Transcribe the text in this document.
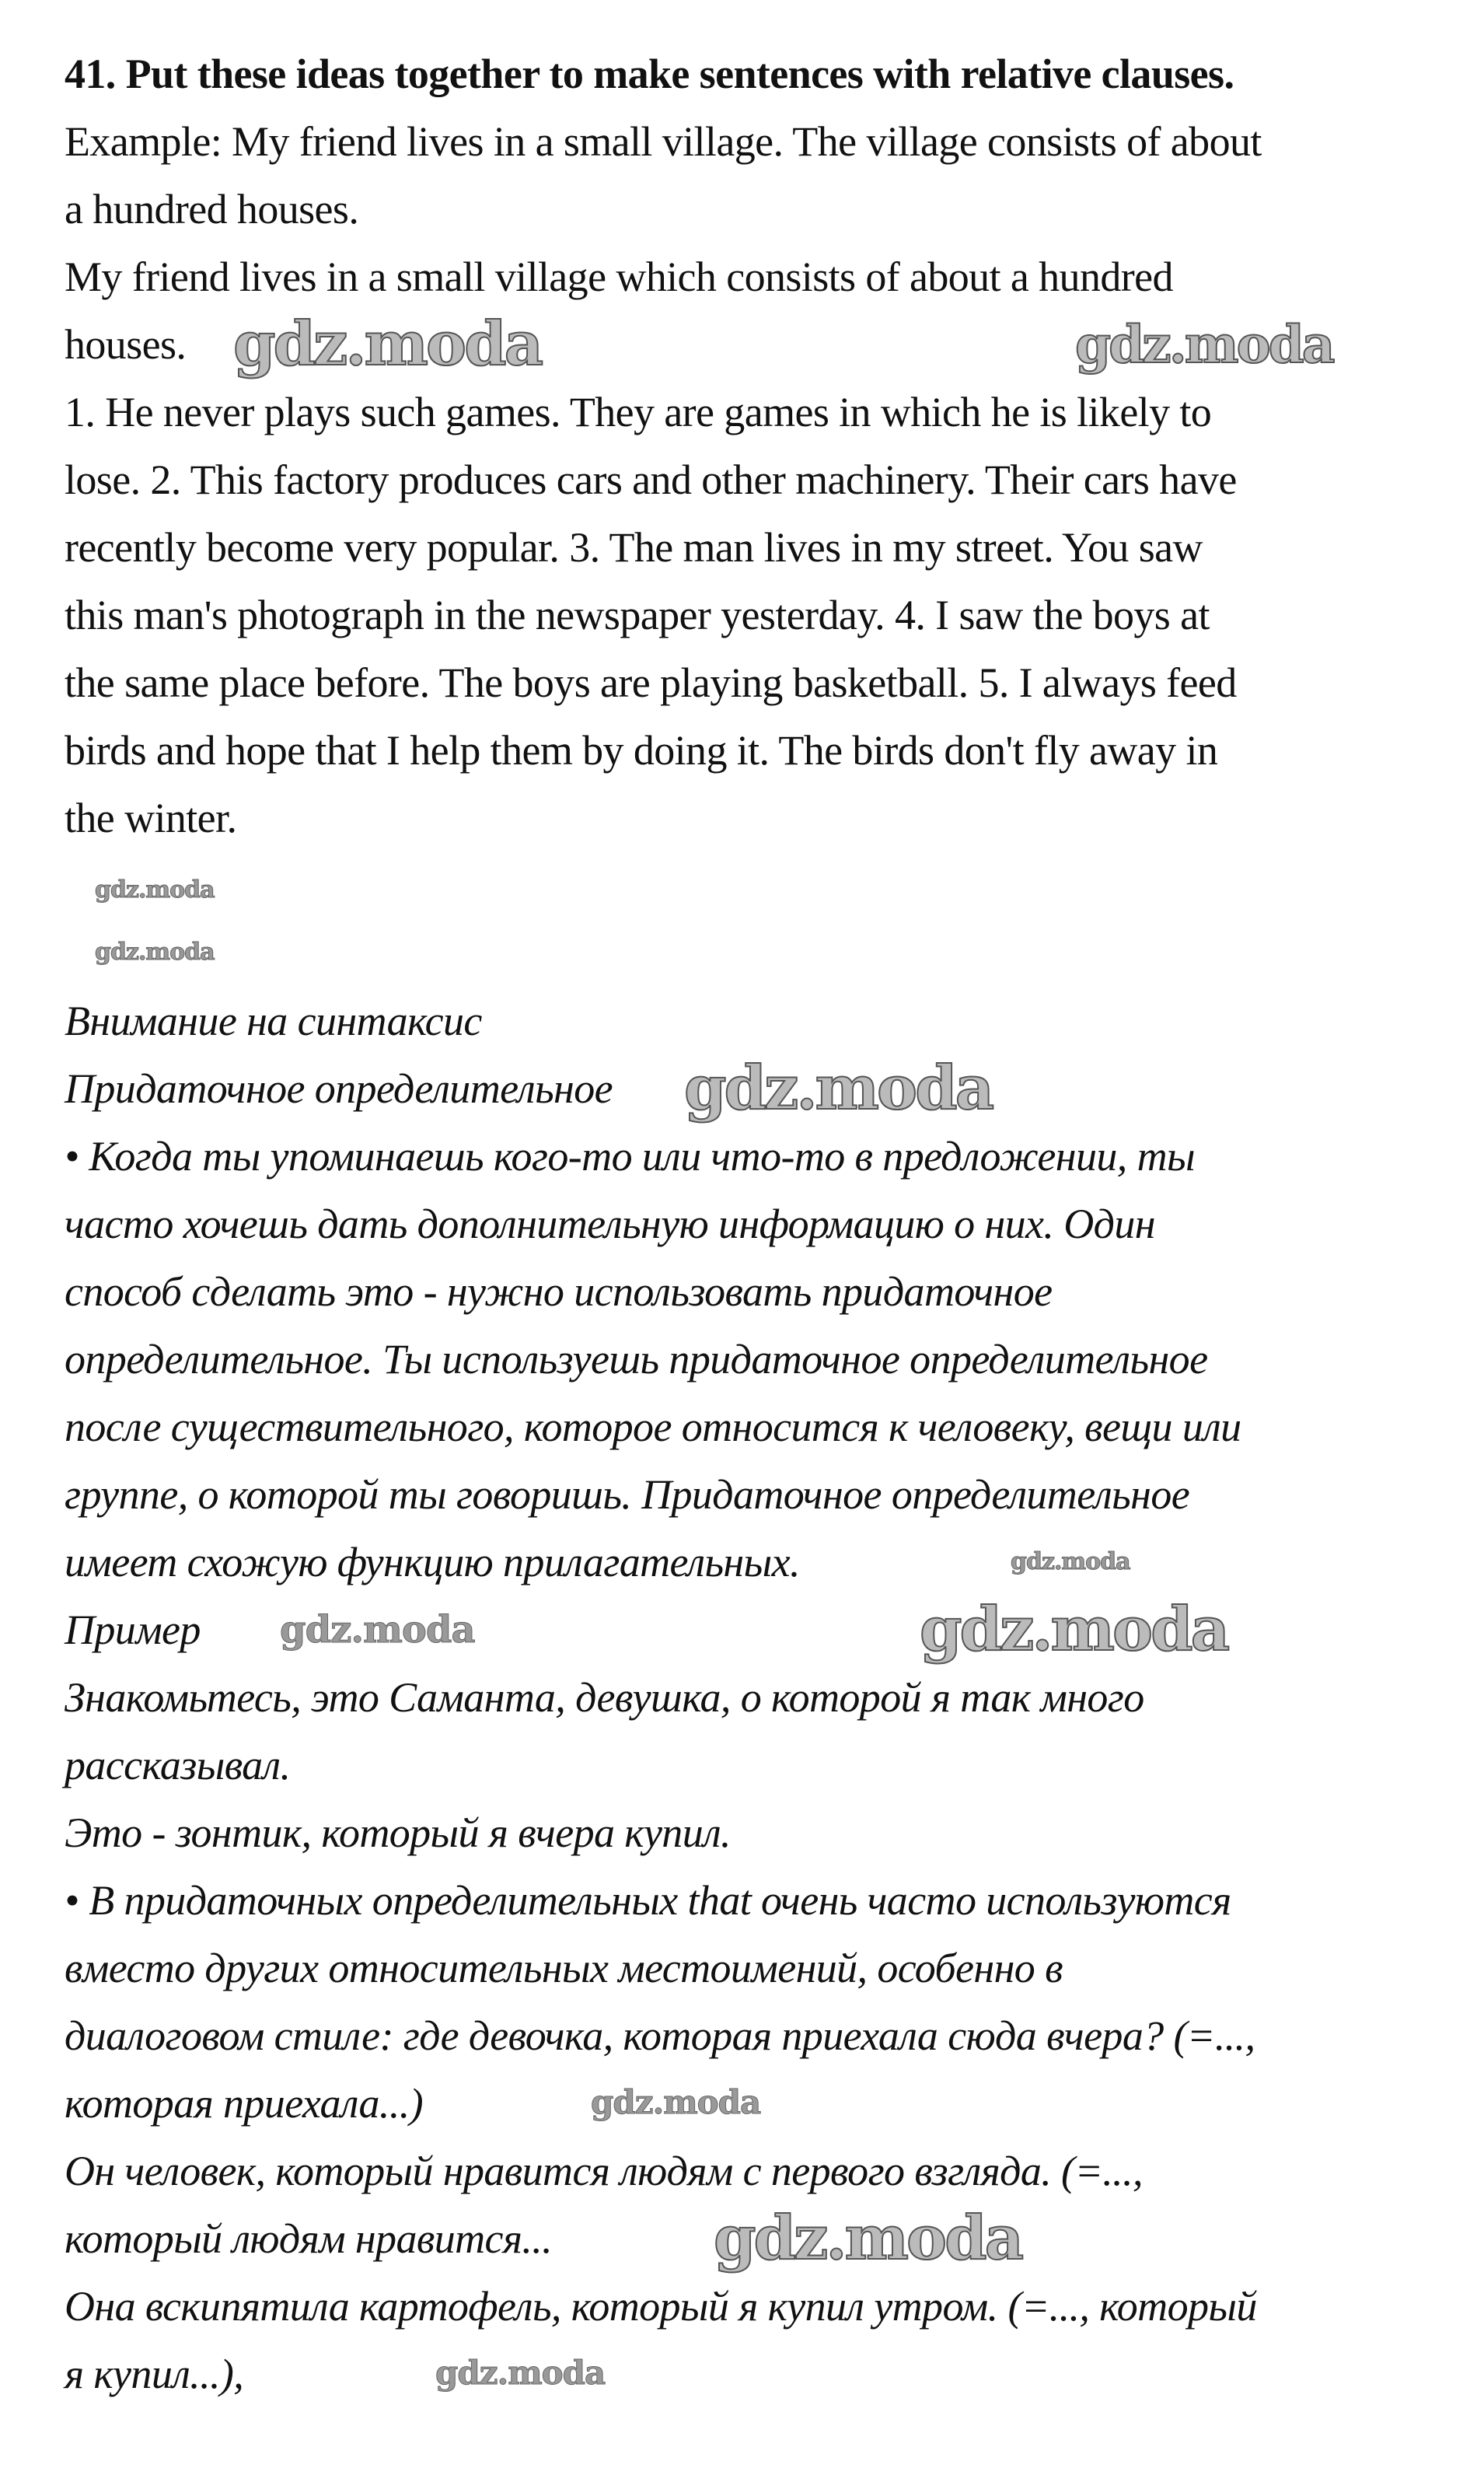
41. Put these ideas together to make sentences with relative clauses.
Example: My friend lives in a small village. The village consists of about
a hundred houses.
My friend lives in a small village which consists of about a hundred
houses.
1. He never plays such games. They are games in which he is likely to
lose. 2. This factory produces cars and other machinery. Their cars have
recently become very popular. 3. The man lives in my street. You saw
this man's photograph in the newspaper yesterday. 4. I saw the boys at
the same place before. The boys are playing basketball. 5. I always feed
birds and hope that I help them by doing it. The birds don't fly away in
the winter.
Внимание на синтаксис
Придаточное определительное
• Когда ты упоминаешь кого-то или что-то в предложении, ты
часто хочешь дать дополнительную информацию о них. Один
способ сделать это - нужно использовать придаточное
определительное. Ты используешь придаточное определительное
после существительного, которое относится к человеку, вещи или
группе, о которой ты говоришь. Придаточное определительное
имеет схожую функцию прилагательных.
Пример
Знакомьтесь, это Саманта, девушка, о которой я так много
рассказывал.
Это - зонтик, который я вчера купил.
• В придаточных определительных that очень часто используются
вместо других относительных местоимений, особенно в
диалоговом стиле: где девочка, которая приехала сюда вчера? (=...,
которая приехала...)
Он человек, который нравится людям с первого взгляда. (=...,
который людям нравится...
Она вскипятила картофель, который я купил утром. (=..., который
я купил...),
gdz.moda	gdz.moda
gdz.moda
gdz.moda
gdz.moda
gdz.moda
gdz.moda	gdz.moda
gdz.moda
gdz.moda
gdz.moda
